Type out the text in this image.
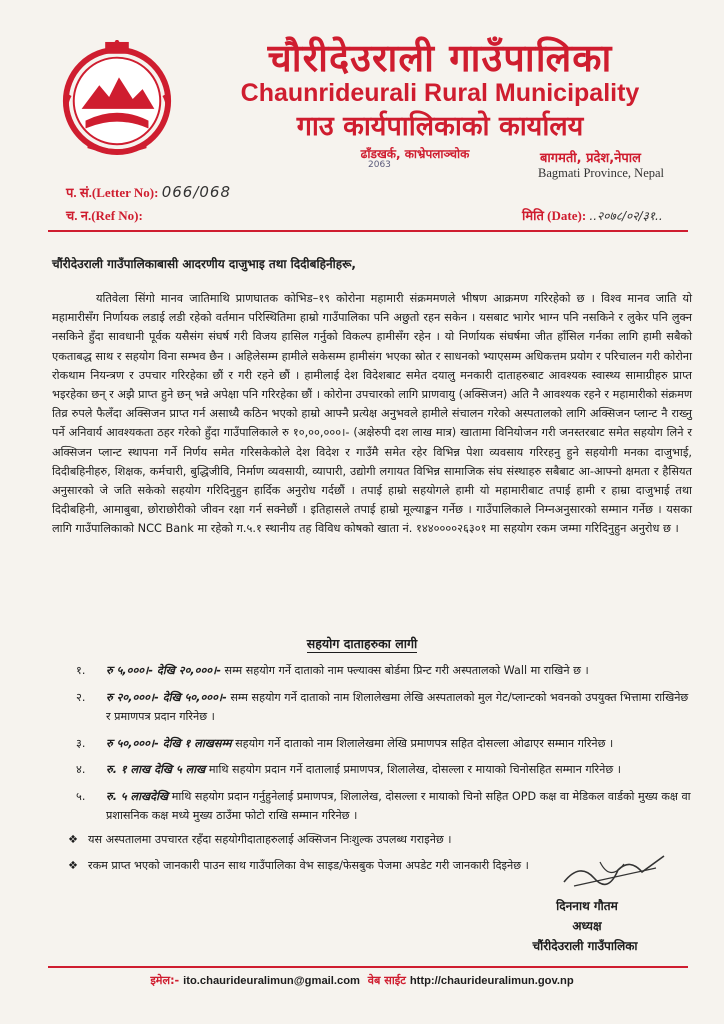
चौरीदेउराली गाउँपालिका
Chaunrideurali Rural Municipality
गाउ कार्यपालिकाको कार्यालय
ढाँडखर्क, काभ्रेपलाञ्चोक
2063	बागमती, प्रदेश,नेपाल
Bagmati Province, Nepal
प. सं.(Letter No): 066/068
च. न.(Ref No):	मिति (Date): ..२०७८/०२/३१..
चौंरीदेउराली गाउँपालिकाबासी आदरणीय दाजुभाइ तथा दिदीबहिनीहरू,
यतिवेला सिंगो मानव जातिमाथि प्राणघातक कोभिड–१९ कोरोना महामारी संक्रममणले भीषण आक्रमण गरिरहेको छ । विश्व मानव जाति यो महामारीसँग निर्णायक लडाई लडी रहेको वर्तमान परिस्थितिमा हाम्रो गाउँपालिका पनि अछुतो रहन सकेन । यसबाट भागेर भाग्न पनि नसकिने र लुकेर पनि लुक्न नसकिने हुँदा सावधानी पूर्वक यसैसंग संघर्ष गरी विजय हासिल गर्नुको विकल्प हामीसँग रहेन । यो निर्णायक संघर्षमा जीत हाँसिल गर्नका लागि हामी सबैको एकताबद्ध साथ र सहयोग विना सम्भव छैन । अहिलेसम्म हामीले सकेसम्म हामीसंग भएका स्रोत र साधनको भ्याएसम्म अधिकत्तम प्रयोग र परिचालन गरी कोरोना रोकथाम नियन्त्रण र उपचार गरिरहेका छौं र गरी रहने छौं । हामीलाई देश विदेशबाट समेत दयालु मनकारी दाताहरुबाट आवश्यक स्वास्थ्य सामाग्रीहरु प्राप्त भइरहेका छन् र अझै प्राप्त हुने छन् भन्ने अपेक्षा पनि गरिरहेका छौं । कोरोना उपचारको लागि प्राणवायु (अक्सिजन) अति नै आवश्यक रहने र महामारीको संक्रमण तिव्र रुपले फैलँदा अक्सिजन प्राप्त गर्न असाध्यै कठिन भएको हाम्रो आफ्नै प्रत्येक्ष अनुभवले हामीले संचालन गरेको अस्पतालको लागि अक्सिजन प्लान्ट नै राख्नु पर्ने अनिवार्य आवश्यकता ठहर गरेको हुँदा गाउँपालिकाले रु १०,००,०००।- (अक्षेरुपी दश लाख मात्र) खातामा विनियोजन गरी जनस्तरबाट समेत सहयोग लिने र अक्सिजन प्लान्ट स्थापना गर्ने निर्णय समेत गरिसकेकोले देश विदेश र गाउँमै समेत रहेर विभिन्न पेशा व्यवसाय गरिरहनु हुने सहयोगी मनका दाजुभाई, दिदीबहिनीहरु, शिक्षक, कर्मचारी, बुद्धिजीवि, निर्माण व्यवसायी, व्यापारी, उद्योगी लगायत विभिन्न सामाजिक संघ संस्थाहरु सबैबाट आ-आफ्नो क्षमता र हैसियत अनुसारको जे जति सकेको सहयोग गरिदिनुहुन हार्दिक अनुरोध गर्दछौं । तपाई हाम्रो सहयोगले हामी यो महामारीबाट तपाई हामी र हाम्रा दाजुभाई तथा दिदीबहिनी, आमाबुबा, छोराछोरीको जीवन रक्षा गर्न सक्नेछौं । इतिहासले तपाई हाम्रो मूल्याङ्कन गर्नेछ । गाउँपालिकाले निम्नअनुसारको सम्मान गर्नेछ । यसका लागि गाउँपालिकाको NCC Bank मा रहेको ग.५.१ स्थानीय तह विविध कोषको खाता नं. १४४००००२६३०१ मा सहयोग रकम जम्मा गरिदिनुहुन अनुरोध छ ।
सहयोग दाताहरुका लागी
१.	रु ५,०००।- देखि २०,०००।- सम्म सहयोग गर्ने दाताको नाम फ्ल्याक्स बोर्डमा प्रिन्ट गरी अस्पतालको Wall मा राखिने छ ।
२.	रु २०,०००।- देखि ५०,०००।- सम्म सहयोग गर्ने दाताको नाम शिलालेखमा लेखि अस्पतालको मुल गेट/प्लान्टको भवनको उपयुक्त भित्तामा राखिनेछ र प्रमाणपत्र प्रदान गरिनेछ ।
३.	रु ५०,०००।- देखि १ लाखसम्म सहयोग गर्ने दाताको नाम शिलालेखमा लेखि प्रमाणपत्र सहित दोसल्ला ओढाएर सम्मान गरिनेछ ।
४.	रु. १ लाख देखि ५ लाख माथि सहयोग प्रदान गर्ने दातालाई प्रमाणपत्र, शिलालेख, दोसल्ला र मायाको चिनोसहित सम्मान गरिनेछ ।
५.	रु. ५ लाखदेखि माथि सहयोग प्रदान गर्नुहुनेलाई प्रमाणपत्र, शिलालेख, दोसल्ला र मायाको चिनो सहित OPD कक्ष वा मेडिकल वार्डको मुख्य कक्ष वा प्रशासनिक कक्ष मध्ये मुख्य ठाउँमा फोटो राखि सम्मान गरिनेछ ।
❖ यस अस्पतालमा उपचारत रहँदा सहयोगीदाताहरुलाई अक्सिजन निःशुल्क उपलब्ध गराइनेछ ।
❖ रकम प्राप्त भएको जानकारी पाउन साथ गाउँपालिका वेभ साइड/फेसबुक पेजमा अपडेट गरी जानकारी दिइनेछ ।
दिननाथ गौतम
अध्यक्ष
चौंरीदेउराली गाउँपालिका
इमेल:- ito.chaurideuralimun@gmail.com वेब साईट http://chaurideuralimun.gov.np
